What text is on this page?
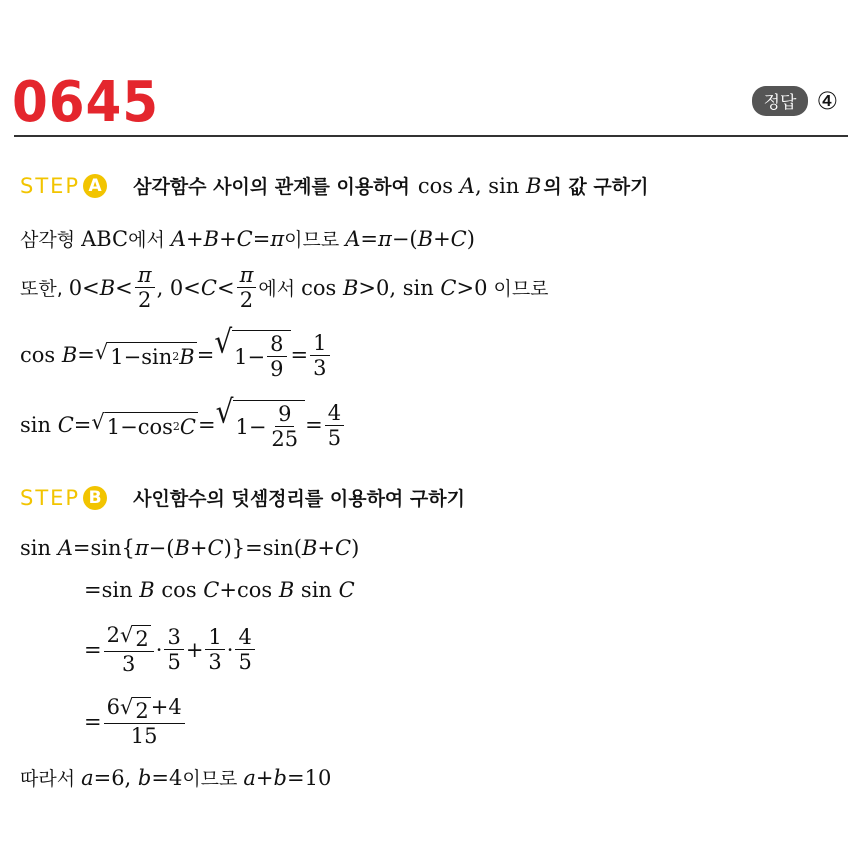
0645	정답 ④
STEP A 삼각함수 사이의 관계를 이용하여 cos A, sin B 의 값 구하기
삼각형 ABC 에서 A+B+C=π 이므로 A=π−(B+C)
또한, $0<B< \frac{\pi}{2}$ , $0<C< \frac{\pi}{2}$ 에서 cos B>0, sin C>0 이므로
cos B= √ 1−sin 2 B = √ $1- \frac{8}{9} = \frac{1}{3}$
sin C= √ 1−cos 2 C = √ $1- \frac{9}{25} = \frac{4}{5}$
STEP B 사인함수의 덧셈정리를 이용하여 구하기
sin A=sin{π−(B+C)}=sin(B+C)
=sin B cos C+cos B sin C
= $\frac{2 √ 2}{3} \cdot \frac{3}{5} + \frac{1}{3} \cdot \frac{4}{5}$
= $\frac{6 √ 2 +4}{15}$
따라서 a=6, b=4 이므로 a+b=10
